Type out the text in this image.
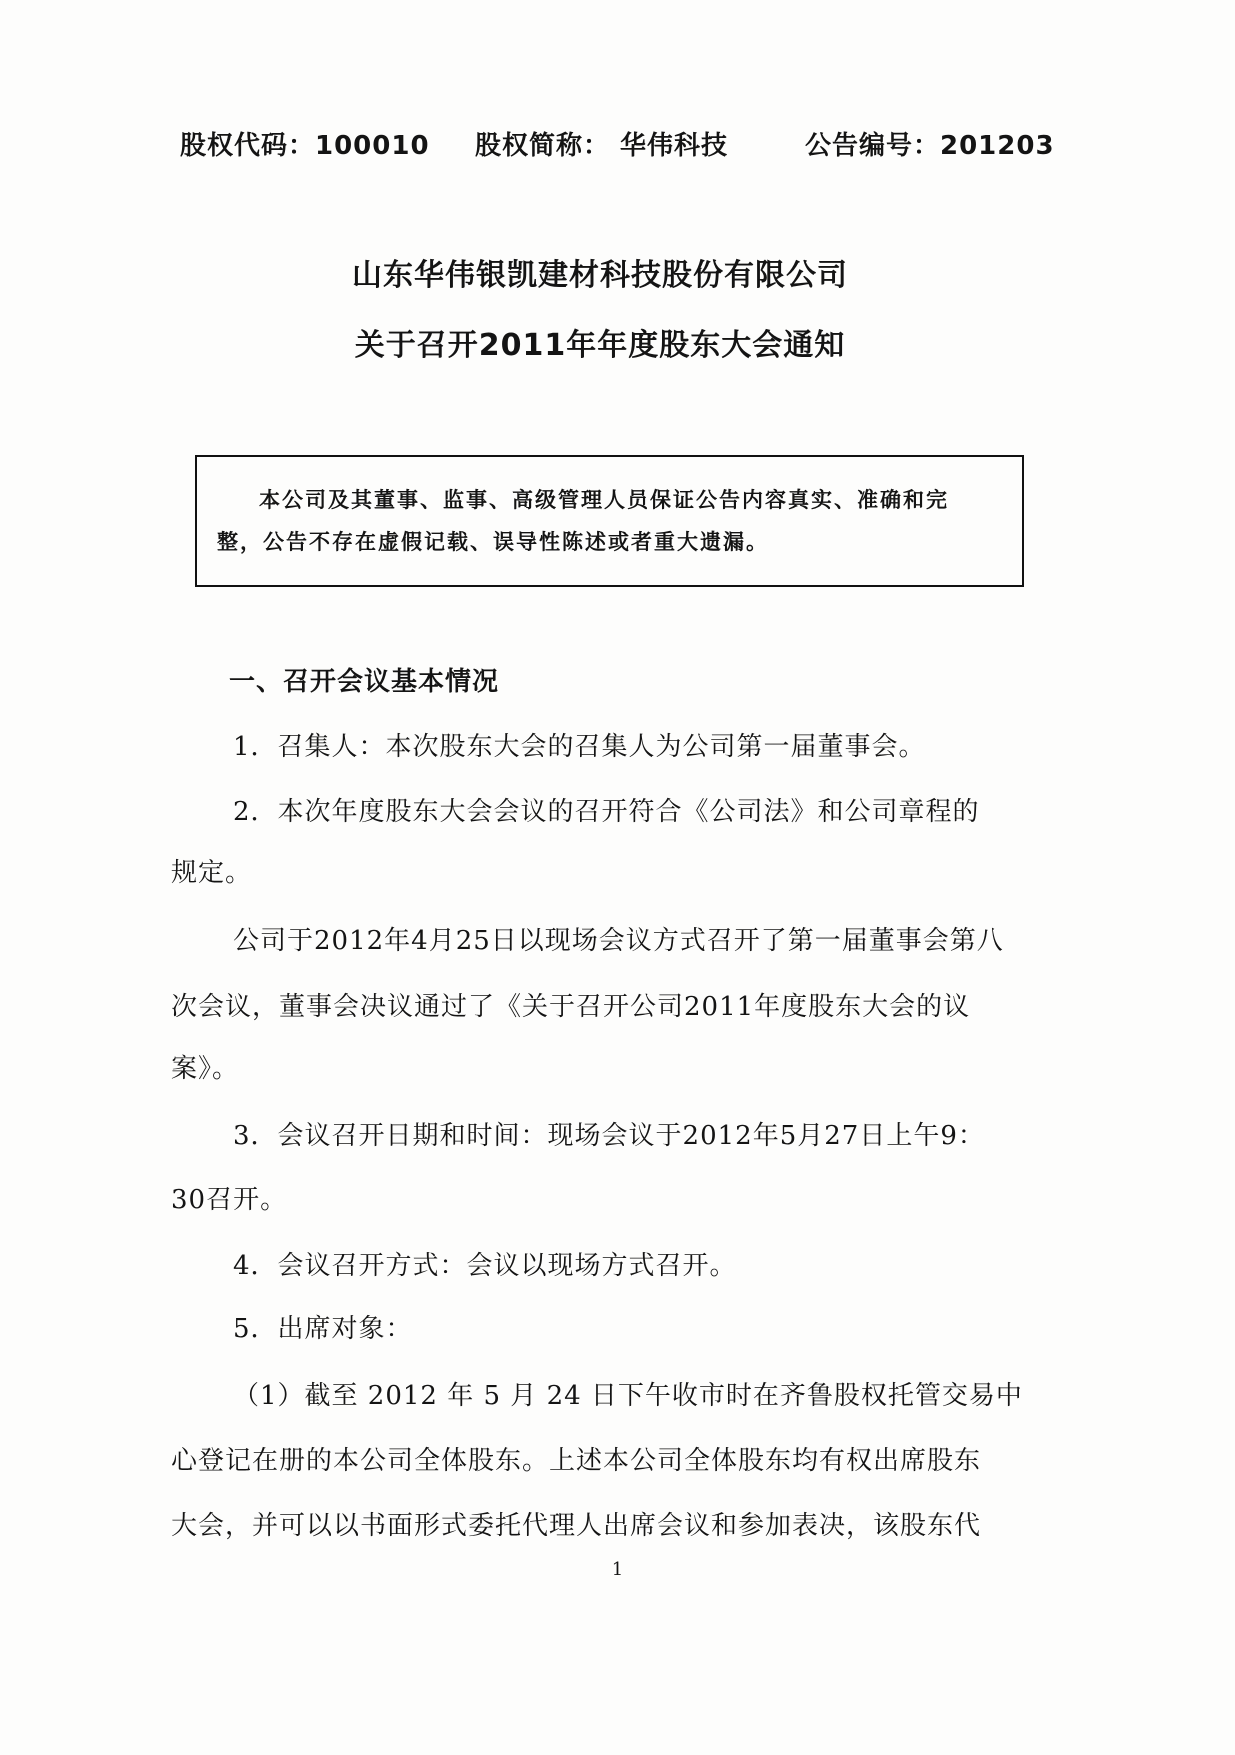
股权代码：100010 股权简称： 华伟科技	公告编号：201203
山东华伟银凯建材科技股份有限公司
关于召开2011年年度股东大会通知
本公司及其董事、监事、高级管理人员保证公告内容真实、准确和完
整，公告不存在虚假记载、误导性陈述或者重大遗漏。
一、召开会议基本情况
1．召集人：本次股东大会的召集人为公司第一届董事会。
2．本次年度股东大会会议的召开符合《公司法》和公司章程的
规定。
公司于2012年4月25日以现场会议方式召开了第一届董事会第八
次会议，董事会决议通过了《关于召开公司2011年度股东大会的议
案》。
3．会议召开日期和时间：现场会议于2012年5月27日上午9：
30召开。
4．会议召开方式：会议以现场方式召开。
5．出席对象：
（1）截至 2012 年 5 月 24 日下午收市时在齐鲁股权托管交易中
心登记在册的本公司全体股东。上述本公司全体股东均有权出席股东
大会，并可以以书面形式委托代理人出席会议和参加表决，该股东代
1
